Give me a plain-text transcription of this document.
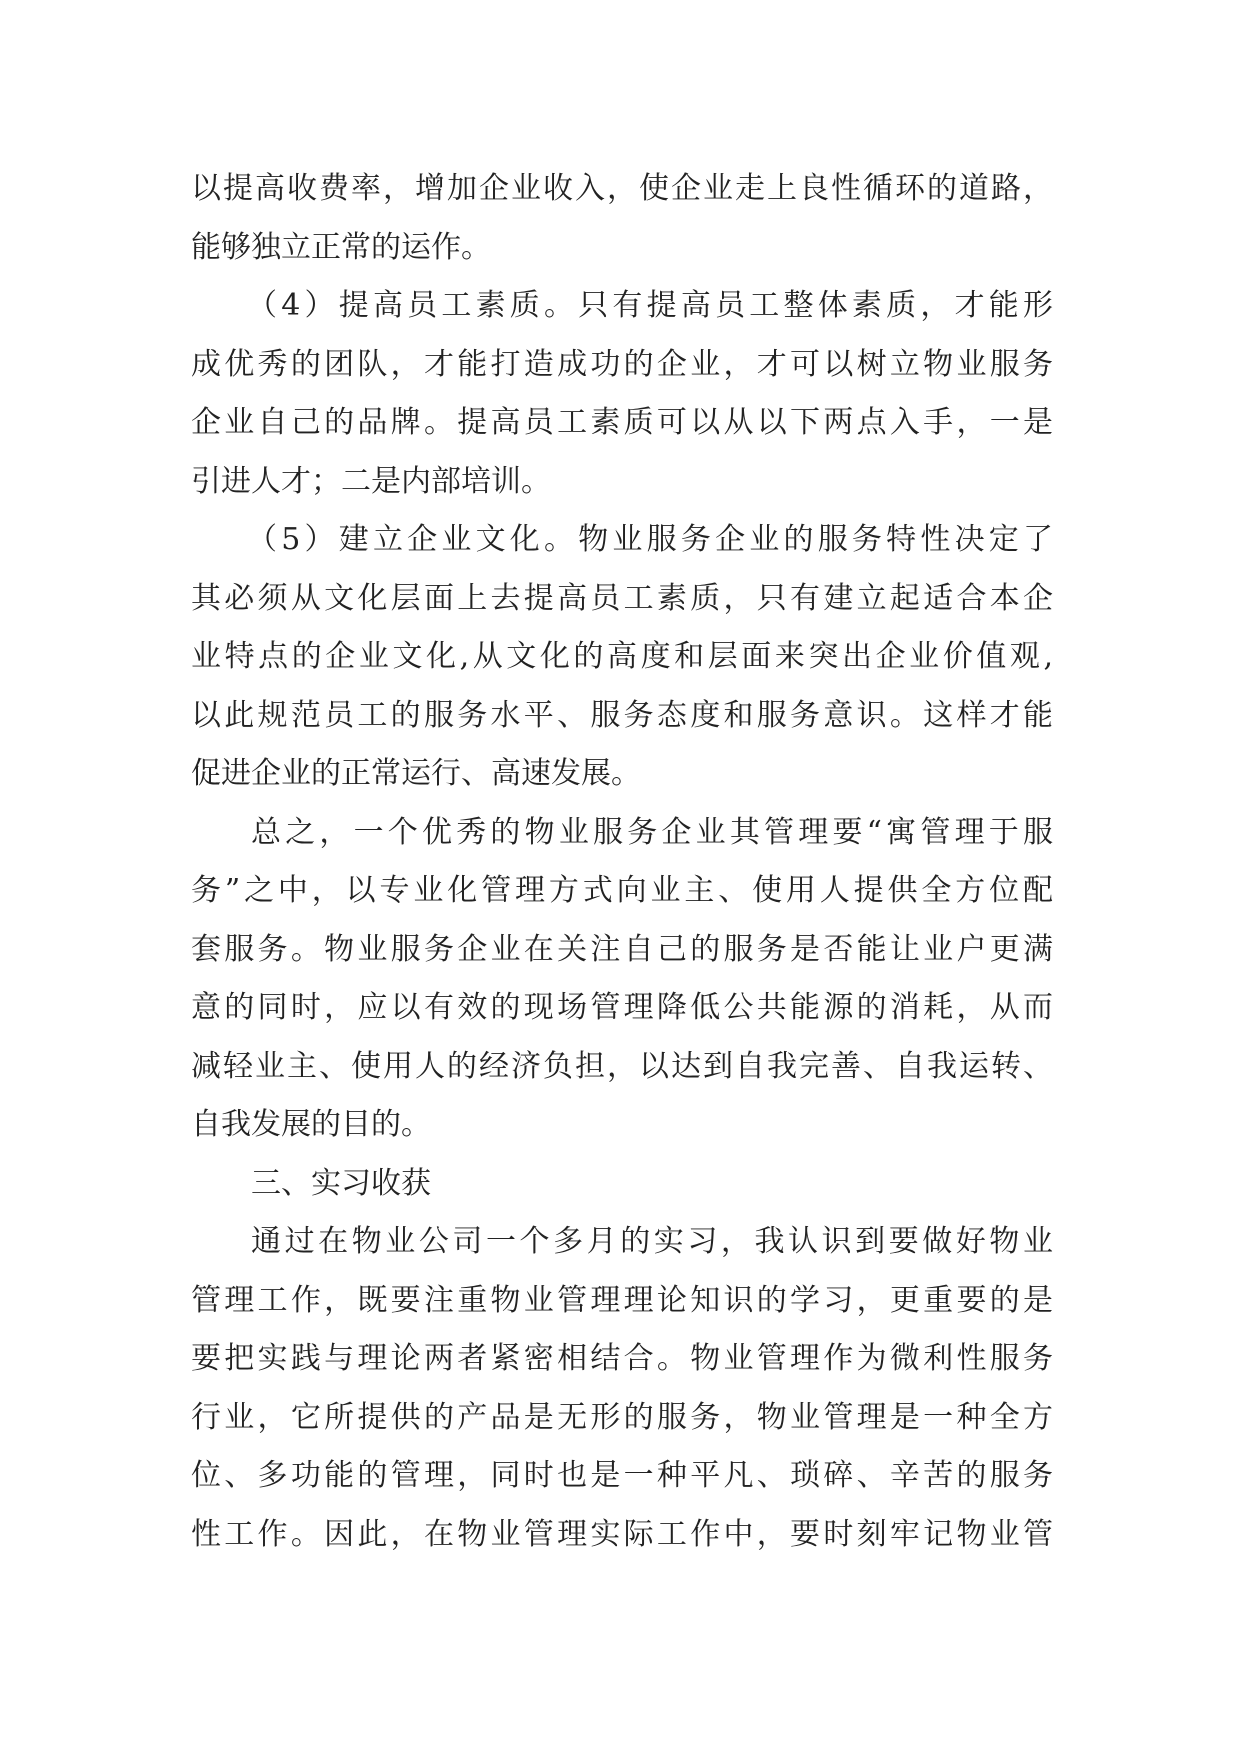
以提高收费率，增加企业收入，使企业走上良性循环的道路，
能够独立正常的运作。
（4）提高员工素质。只有提高员工整体素质，才能形
成优秀的团队，才能打造成功的企业，才可以树立物业服务
企业自己的品牌。提高员工素质可以从以下两点入手，一是
引进人才；二是内部培训。
（5）建立企业文化。物业服务企业的服务特性决定了
其必须从文化层面上去提高员工素质，只有建立起适合本企
业特点的企业文化,从文化的高度和层面来突出企业价值观,
以此规范员工的服务水平、服务态度和服务意识。这样才能
促进企业的正常运行、高速发展。
总之，一个优秀的物业服务企业其管理要“寓管理于服
务”之中，以专业化管理方式向业主、使用人提供全方位配
套服务。物业服务企业在关注自己的服务是否能让业户更满
意的同时，应以有效的现场管理降低公共能源的消耗，从而
减轻业主、使用人的经济负担，以达到自我完善、自我运转、
自我发展的目的。
三、实习收获
通过在物业公司一个多月的实习，我认识到要做好物业
管理工作，既要注重物业管理理论知识的学习，更重要的是
要把实践与理论两者紧密相结合。物业管理作为微利性服务
行业，它所提供的产品是无形的服务，物业管理是一种全方
位、多功能的管理，同时也是一种平凡、琐碎、辛苦的服务
性工作。因此，在物业管理实际工作中，要时刻牢记物业管
